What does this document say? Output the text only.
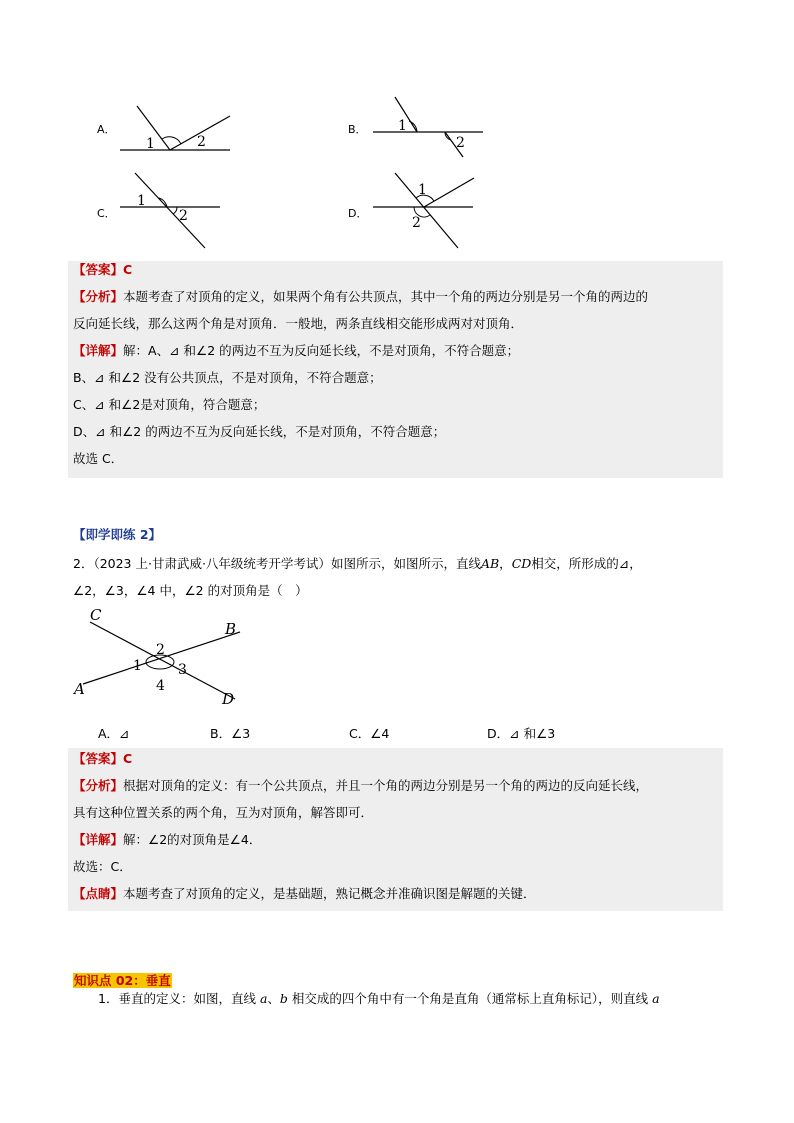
A．
1	2
B． 1
2
C．
1
2	D．
1
2
【答案】C
【分析】本题考查了对顶角的定义，如果两个角有公共顶点，其中一个角的两边分别是另一个角的两边的
反向延长线，那么这两个角是对顶角．一般地，两条直线相交能形成两对对顶角．
【详解】解：A、⊿ 和∠2 的两边不互为反向延长线，不是对顶角，不符合题意；
B、⊿ 和∠2 没有公共顶点，不是对顶角，不符合题意；
C、⊿ 和∠2是对顶角，符合题意；
D、⊿ 和∠2 的两边不互为反向延长线，不是对顶角，不符合题意；
故选 C．
【即学即练 2】
2．（2023 上·甘肃武威·八年级统考开学考试）如图所示，如图所示，直线AB，CD相交，所形成的⊿，
∠2，∠3，∠4 中，∠2 的对顶角是（　）
C
B
A
D
1
2
3
4
A．⊿	B．∠3	C．∠4	D．⊿ 和∠3
【答案】C
【分析】根据对顶角的定义：有一个公共顶点，并且一个角的两边分别是另一个角的两边的反向延长线，
具有这种位置关系的两个角，互为对顶角，解答即可．
【详解】解：∠2的对顶角是∠4．
故选：C．
【点睛】本题考查了对顶角的定义，是基础题，熟记概念并准确识图是解题的关键．
知识点 02：垂直
1．垂直的定义：如图，直线 a、b 相交成的四个角中有一个角是直角（通常标上直角标记），则直线 a
